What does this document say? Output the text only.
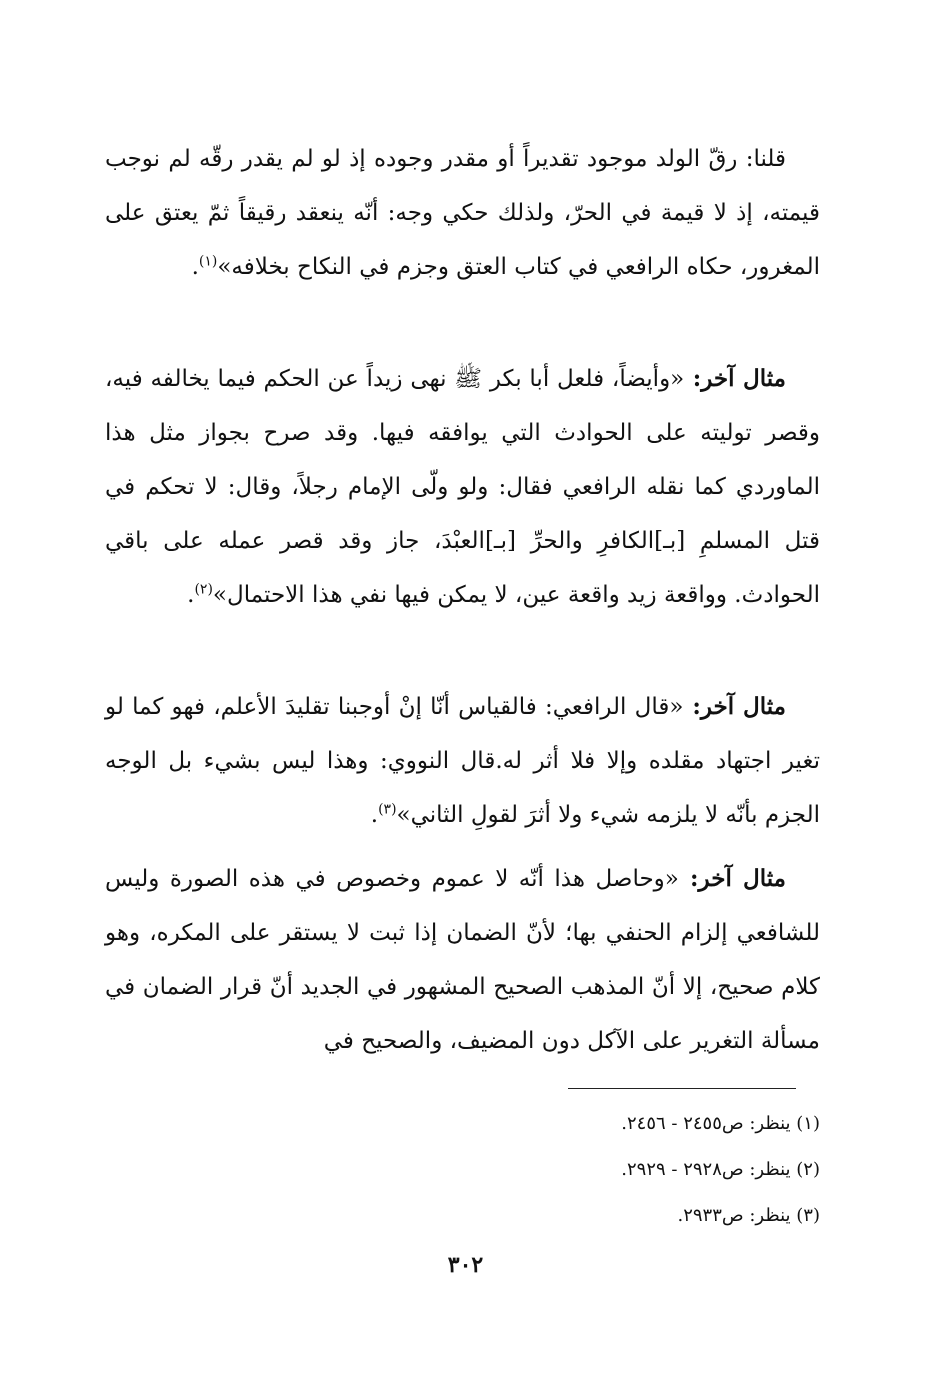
قلنا: رقّ الولد موجود تقديراً أو مقدر وجوده إذ لو لم يقدر رقّه لم نوجب قيمته، إذ لا قيمة في الحرّ، ولذلك حكي وجه: أنّه ينعقد رقيقاً ثمّ يعتق على المغرور، حكاه الرافعي في كتاب العتق وجزم في النكاح بخلافه»$^{(١)}$.

مثال آخر: «وأيضاً، فلعل أبا بكر ﷺ نهى زيداً عن الحكم فيما يخالفه فيه، وقصر توليته على الحوادث التي يوافقه فيها. وقد صرح بجواز مثل هذا الماوردي كما نقله الرافعي فقال: ولو ولّى الإمام رجلاً، وقال: لا تحكم في قتل المسلمِ [بـ]الكافرِ والحرِّ [بـ]العبْدَ، جاز وقد قصر عمله على باقي الحوادث. وواقعة زيد واقعة عين، لا يمكن فيها نفي هذا الاحتمال»$^{(٢)}$.

مثال آخر: «قال الرافعي: فالقياس أنّا إنْ أوجبنا تقليدَ الأعلم، فهو كما لو تغير اجتهاد مقلده وإلا فلا أثر له.قال النووي: وهذا ليس بشيء بل الوجه الجزم بأنّه لا يلزمه شيء ولا أثرَ لقولِ الثاني»$^{(٣)}$.

مثال آخر: «وحاصل هذا أنّه لا عموم وخصوص في هذه الصورة وليس للشافعي إلزام الحنفي بها؛ لأنّ الضمان إذا ثبت لا يستقر على المكره، وهو كلام صحيح، إلا أنّ المذهب الصحيح المشهور في الجديد أنّ قرار الضمان في مسألة التغرير على الآكل دون المضيف، والصحيح في

(١) ينظر: ص٢٤٥٥ - ٢٤٥٦.
(٢) ينظر: ص٢٩٢٨ - ٢٩٢٩.
(٣) ينظر: ص٢٩٣٣.
٣٠٢
